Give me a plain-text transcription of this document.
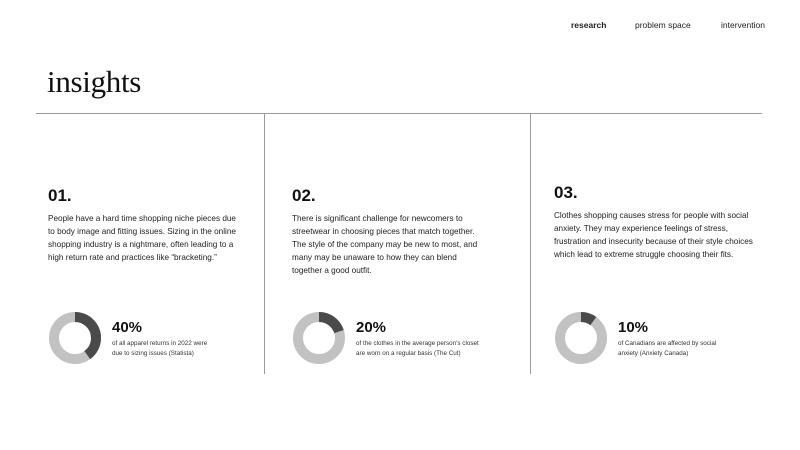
research	problem space	intervention
insights
01.

People have a hard time shopping niche pieces due to body image and fitting issues. Sizing in the online shopping industry is a nightmare, often leading to a high return rate and practices like “bracketing.”

40%

of all apparel returns in 2022 were
due to sizing issues (Statista)

02.

There is significant challenge for newcomers to streetwear in choosing pieces that match together. The style of the company may be new to most, and many may be unaware to how they can blend together a good outfit.

20%

of the clothes in the average person’s closet
are worn on a regular basis (The Cut)

03.

Clothes shopping causes stress for people with social anxiety. They may experience feelings of stress, frustration and insecurity because of their style choices which lead to extreme struggle choosing their fits.

10%

of Canadians are affected by social
anxiety (Anxiety Canada)
